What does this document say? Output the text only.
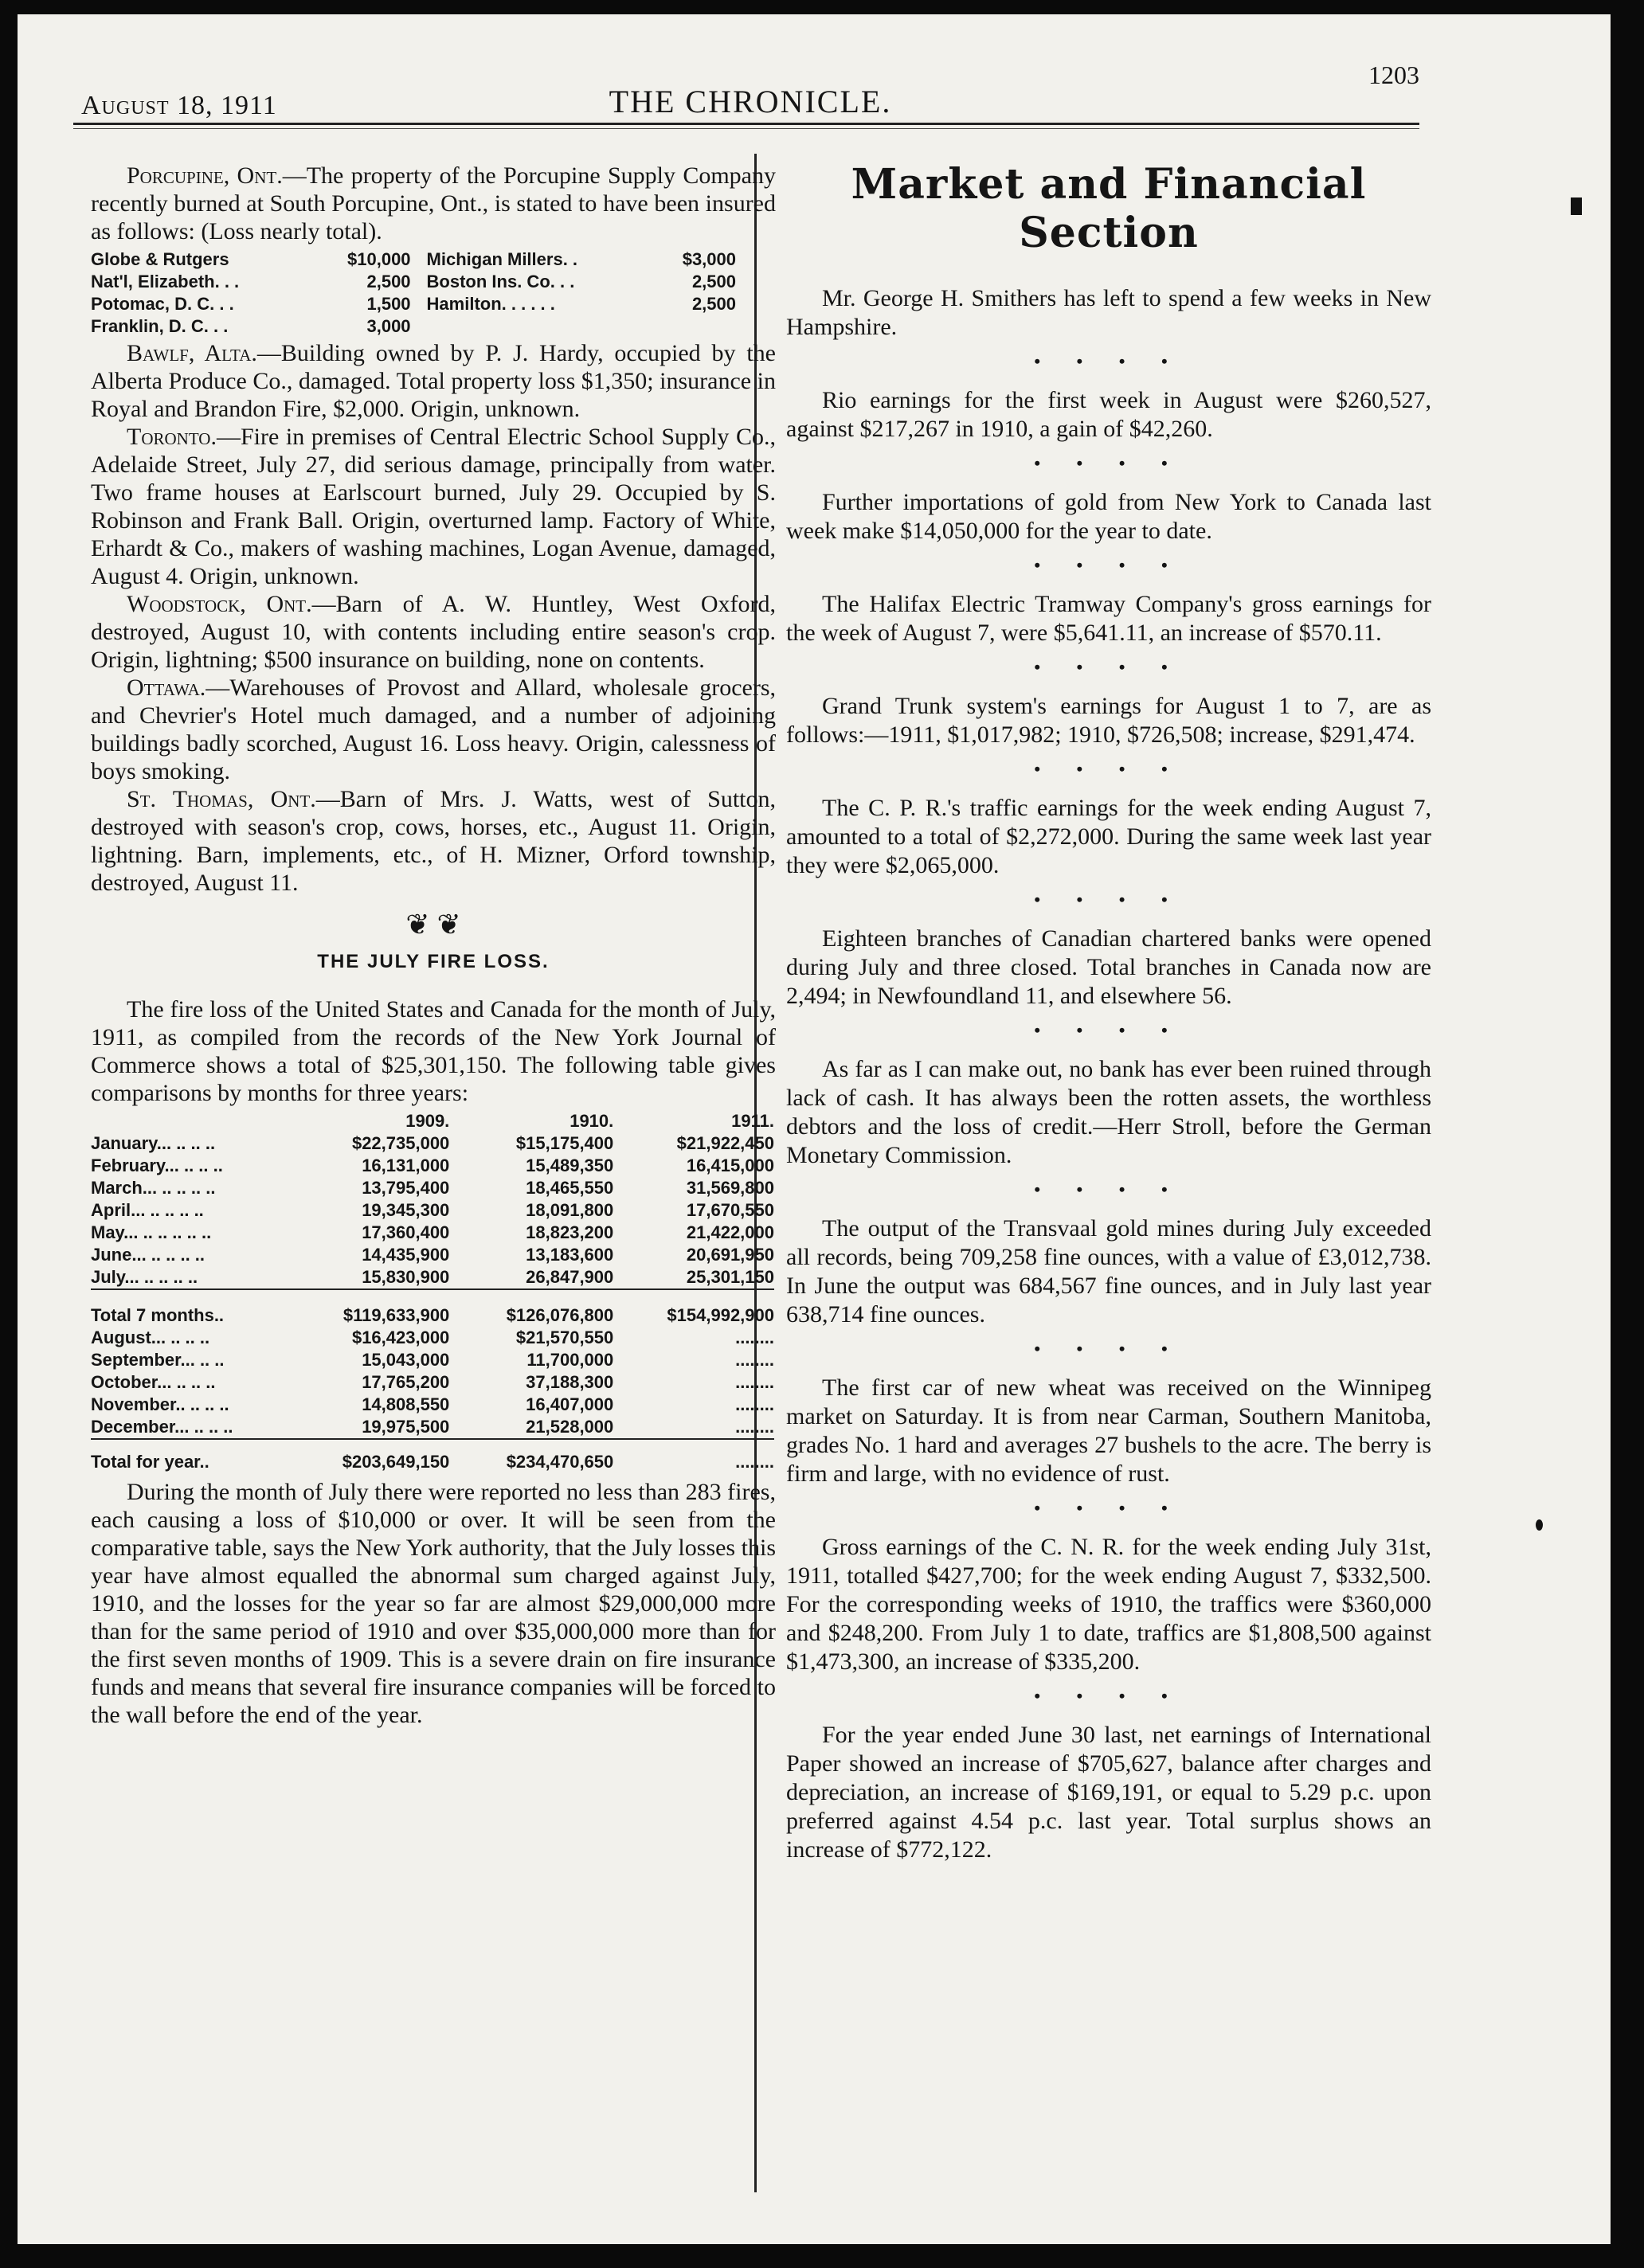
August 18, 1911	THE CHRONICLE.
1203

Porcupine, Ont.—The property of the Porcupine Supply Company recently burned at South Porcupine, Ont., is stated to have been insured as follows: (Loss nearly total).

Globe & Rutgers	$10,000	Michigan Millers. .	$3,000
Nat'l, Elizabeth. . .	2,500	Boston Ins. Co. . .	2,500
Potomac, D. C. . .	1,500	Hamilton. . . . . .	2,500
Franklin, D. C. . .	3,000		

Bawlf, Alta.—Building owned by P. J. Hardy, occupied by the Alberta Produce Co., damaged. Total property loss $1,350; insurance in Royal and Brandon Fire, $2,000. Origin, unknown.

Toronto.—Fire in premises of Central Electric School Supply Co., Adelaide Street, July 27, did serious damage, principally from water. Two frame houses at Earlscourt burned, July 29. Occupied by S. Robinson and Frank Ball. Origin, overturned lamp. Factory of White, Erhardt & Co., makers of washing machines, Logan Avenue, damaged, August 4. Origin, unknown.

Woodstock, Ont.—Barn of A. W. Huntley, West Oxford, destroyed, August 10, with contents including entire season's crop. Origin, lightning; $500 insurance on building, none on contents.

Ottawa.—Warehouses of Provost and Allard, wholesale grocers, and Chevrier's Hotel much damaged, and a number of adjoining buildings badly scorched, August 16. Loss heavy. Origin, calessness of boys smoking.

St. Thomas, Ont.—Barn of Mrs. J. Watts, west of Sutton, destroyed with season's crop, cows, horses, etc., August 11. Origin, lightning. Barn, implements, etc., of H. Mizner, Orford township, destroyed, August 11.

❦ ❦
THE JULY FIRE LOSS.

The fire loss of the United States and Canada for the month of July, 1911, as compiled from the records of the New York Journal of Commerce shows a total of $25,301,150. The following table gives comparisons by months for three years:

	1909.	1910.	1911.
January... .. .. ..	$22,735,000	$15,175,400	$21,922,450
February... .. .. ..	16,131,000	15,489,350	16,415,000
March... .. .. .. ..	13,795,400	18,465,550	31,569,800
April... .. .. .. ..	19,345,300	18,091,800	17,670,550
May... .. .. .. .. ..	17,360,400	18,823,200	21,422,000
June... .. .. .. ..	14,435,900	13,183,600	20,691,950
July... .. .. .. ..	15,830,900	26,847,900	25,301,150

Total 7 months..	$119,633,900	$126,076,800	$154,992,900
August... .. .. ..	$16,423,000	$21,570,550	........
September... .. ..	15,043,000	11,700,000	........
October... .. .. ..	17,765,200	37,188,300	........
November.. .. .. ..	14,808,550	16,407,000	........
December... .. .. ..	19,975,500	21,528,000	........

Total for year..	$203,649,150	$234,470,650	........

During the month of July there were reported no less than 283 fires, each causing a loss of $10,000 or over. It will be seen from the comparative table, says the New York authority, that the July losses this year have almost equalled the abnormal sum charged against July, 1910, and the losses for the year so far are almost $29,000,000 more than for the same period of 1910 and over $35,000,000 more than for the first seven months of 1909. This is a severe drain on fire insurance funds and means that several fire insurance companies will be forced to the wall before the end of the year.

Market and Financial Section

Mr. George H. Smithers has left to spend a few weeks in New Hampshire.

• • • •

Rio earnings for the first week in August were $260,527, against $217,267 in 1910, a gain of $42,260.

• • • •

Further importations of gold from New York to Canada last week make $14,050,000 for the year to date.

• • • •

The Halifax Electric Tramway Company's gross earnings for the week of August 7, were $5,641.11, an increase of $570.11.

• • • •

Grand Trunk system's earnings for August 1 to 7, are as follows:—1911, $1,017,982; 1910, $726,508; increase, $291,474.

• • • •

The C. P. R.'s traffic earnings for the week ending August 7, amounted to a total of $2,272,000. During the same week last year they were $2,065,000.

• • • •

Eighteen branches of Canadian chartered banks were opened during July and three closed. Total branches in Canada now are 2,494; in Newfoundland 11, and elsewhere 56.

• • • •

As far as I can make out, no bank has ever been ruined through lack of cash. It has always been the rotten assets, the worthless debtors and the loss of credit.—Herr Stroll, before the German Monetary Commission.

• • • •

The output of the Transvaal gold mines during July exceeded all records, being 709,258 fine ounces, with a value of £3,012,738. In June the output was 684,567 fine ounces, and in July last year 638,714 fine ounces.

• • • •

The first car of new wheat was received on the Winnipeg market on Saturday. It is from near Carman, Southern Manitoba, grades No. 1 hard and averages 27 bushels to the acre. The berry is firm and large, with no evidence of rust.

• • • •

Gross earnings of the C. N. R. for the week ending July 31st, 1911, totalled $427,700; for the week ending August 7, $332,500. For the corresponding weeks of 1910, the traffics were $360,000 and $248,200. From July 1 to date, traffics are $1,808,500 against $1,473,300, an increase of $335,200.

• • • •

For the year ended June 30 last, net earnings of International Paper showed an increase of $705,627, balance after charges and depreciation, an increase of $169,191, or equal to 5.29 p.c. upon preferred against 4.54 p.c. last year. Total surplus shows an increase of $772,122.
